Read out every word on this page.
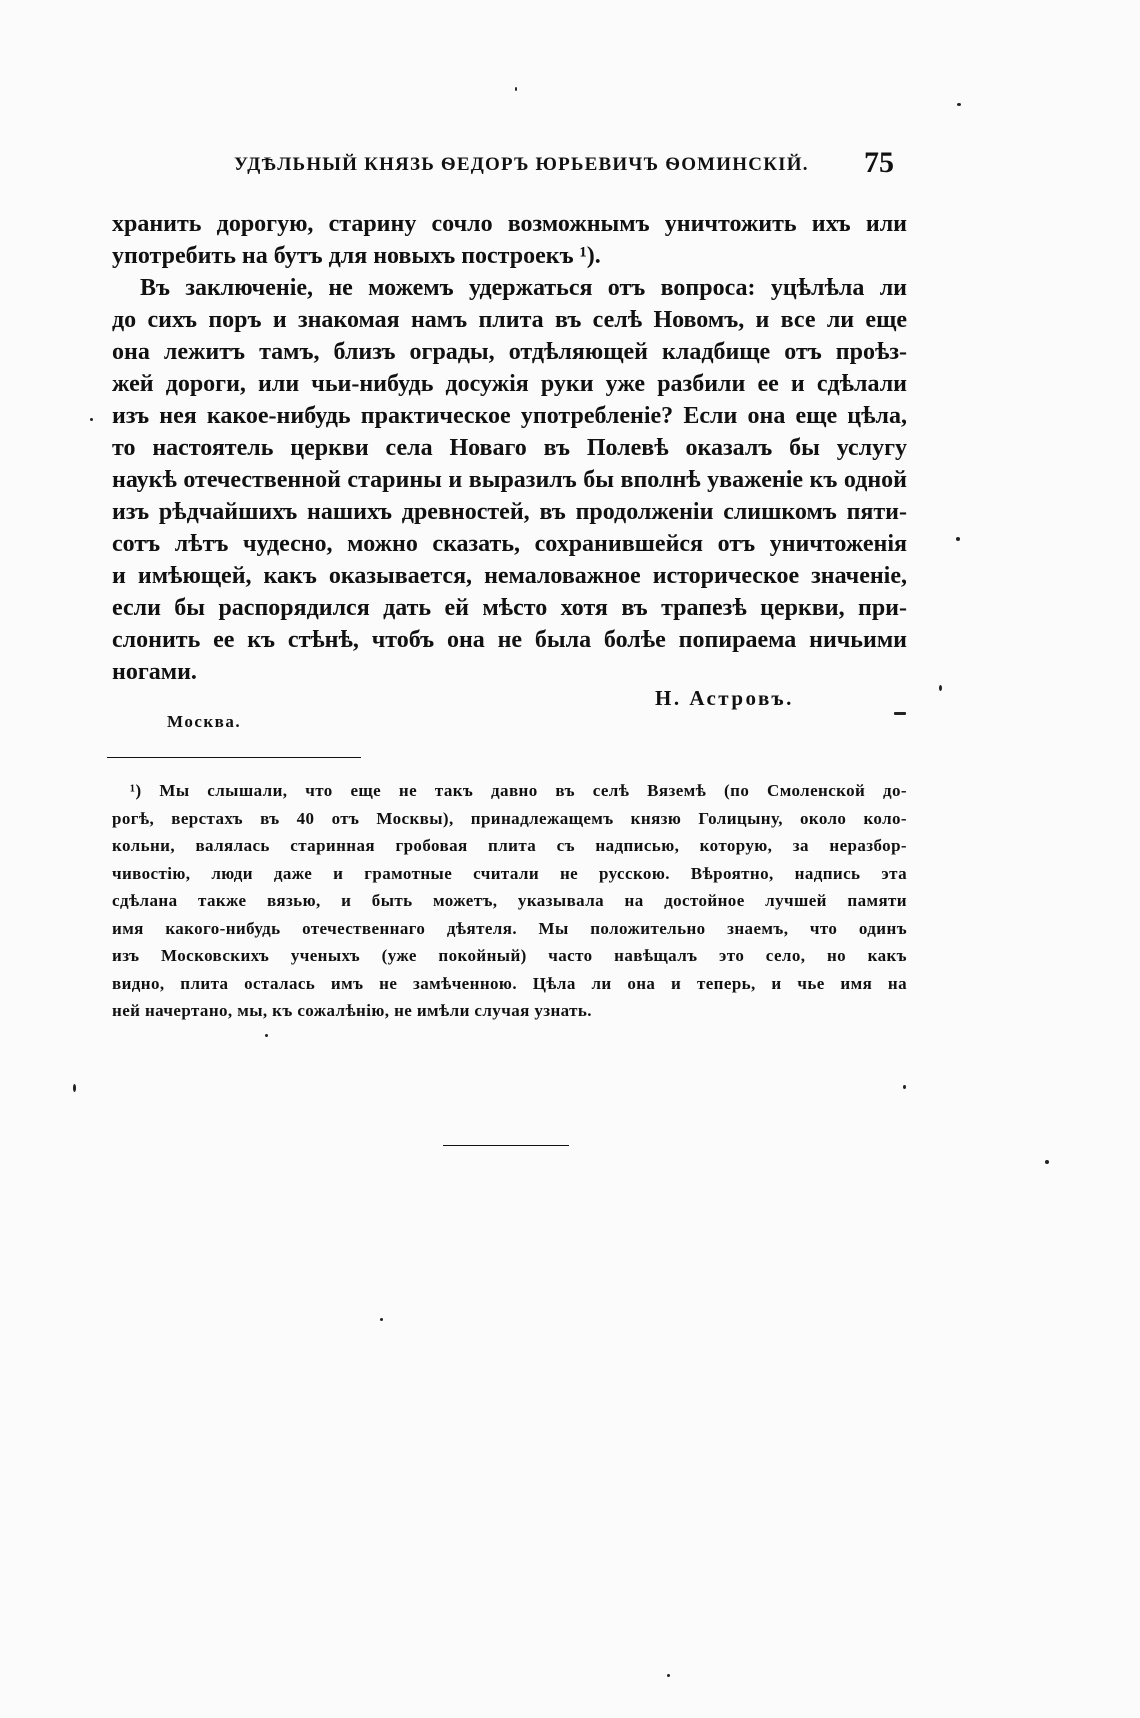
УДѢЛЬНЫЙ КНЯЗЬ ѲЕДОРЪ ЮРЬЕВИЧЪ ѲОМИНСКІЙ. 75
хранить дорогую, старину сочло возможнымъ уничтожить ихъ или
употребить на бутъ для новыхъ построекъ ¹).
Въ заключеніе, не можемъ удержаться отъ вопроса: уцѣлѣла ли
до сихъ поръ и знакомая намъ плита въ селѣ Новомъ, и все ли еще
она лежитъ тамъ, близъ ограды, отдѣляющей кладбище отъ проѣз-
жей дороги, или чьи-нибудь досужія руки уже разбили ее и сдѣлали
изъ нея какое-нибудь практическое употребленіе? Если она еще цѣла,
то настоятель церкви села Новаго въ Полевѣ оказалъ бы услугу
наукѣ отечественной старины и выразилъ бы вполнѣ уваженіе къ одной
изъ рѣдчайшихъ нашихъ древностей, въ продолженіи слишкомъ пяти-
сотъ лѣтъ чудесно, можно сказать, сохранившейся отъ уничтоженія
и имѣющей, какъ оказывается, немаловажное историческое значеніе,
если бы распорядился дать ей мѣсто хотя въ трапезѣ церкви, при-
слонить ее къ стѣнѣ, чтобъ она не была болѣе попираема ничьими
ногами.
Н. Астровъ.
Москва.
¹) Мы слышали, что еще не такъ давно въ селѣ Вяземѣ (по Смоленской до-
рогѣ, верстахъ въ 40 отъ Москвы), принадлежащемъ князю Голицыну, около коло-
кольни, валялась старинная гробовая плита съ надписью, которую, за неразбор-
чивостію, люди даже и грамотные считали не русскою. Вѣроятно, надпись эта
сдѣлана также вязью, и быть можетъ, указывала на достойное лучшей памяти
имя какого-нибудь отечественнаго дѣятеля. Мы положительно знаемъ, что одинъ
изъ Московскихъ ученыхъ (уже покойный) часто навѣщалъ это село, но какъ
видно, плита осталась имъ не замѣченною. Цѣла ли она и теперь, и чье имя на
ней начертано, мы, къ сожалѣнію, не имѣли случая узнать.
